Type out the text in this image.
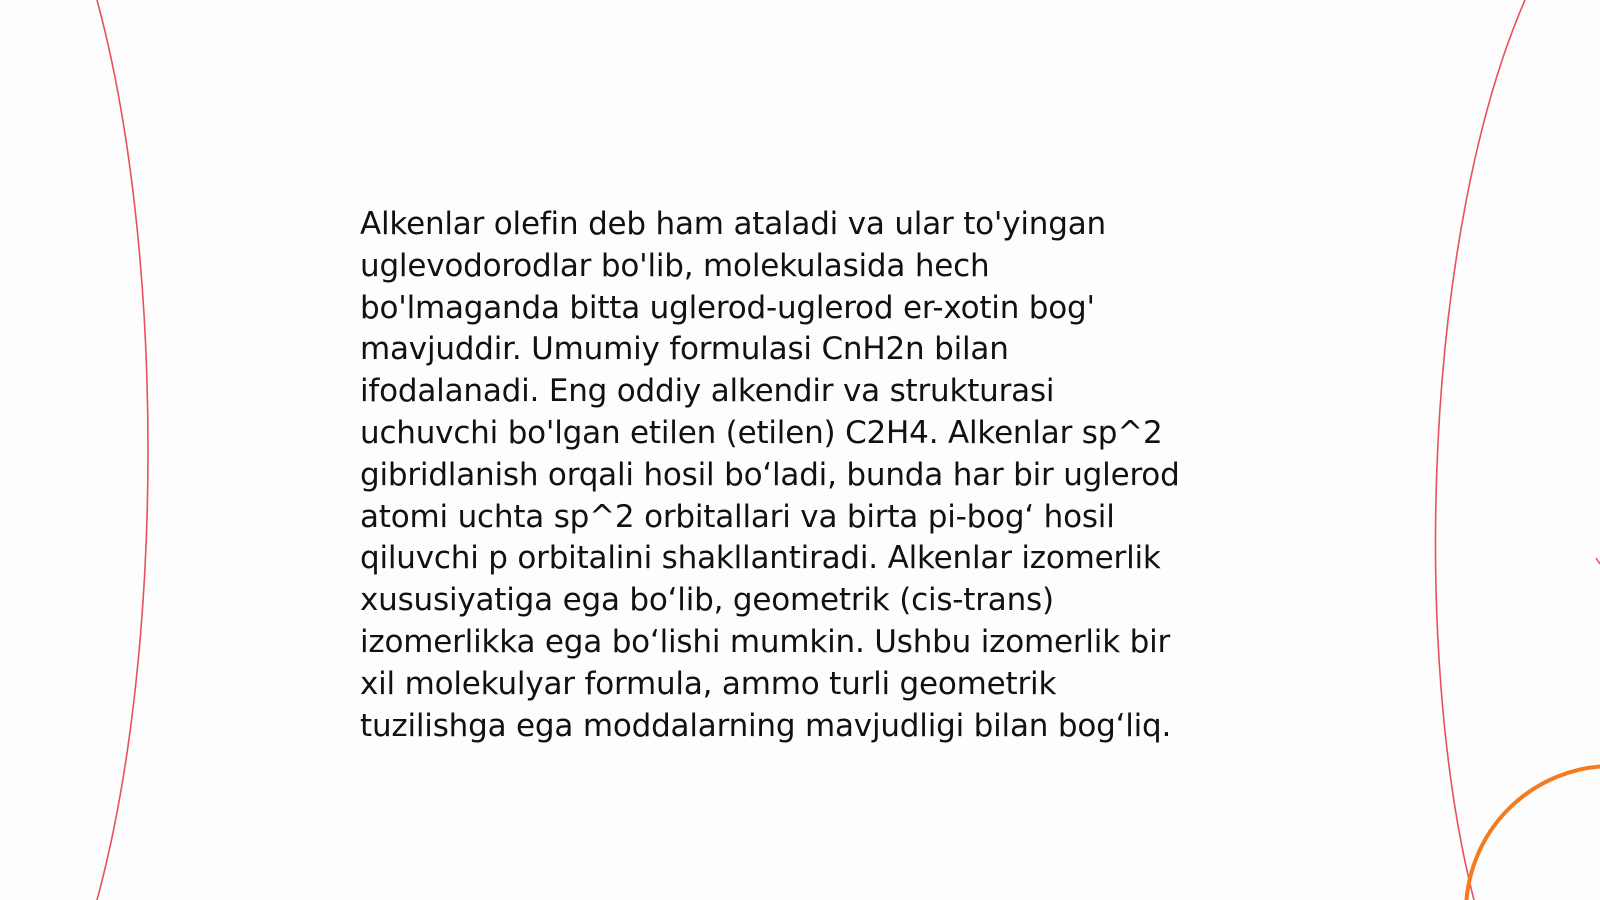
Alkenlar olefin deb ham ataladi va ular to'yingan
uglevodorodlar bo'lib, molekulasida hech
bo'lmaganda bitta uglerod-uglerod er-xotin bog'
mavjuddir. Umumiy formulasi CnH2n bilan
ifodalanadi. Eng oddiy alkendir va strukturasi
uchuvchi bo'lgan etilen (etilen) C2H4. Alkenlar sp^2
gibridlanish orqali hosil bo‘ladi, bunda har bir uglerod
atomi uchta sp^2 orbitallari va birta pi-bog‘ hosil
qiluvchi p orbitalini shakllantiradi. Alkenlar izomerlik
xususiyatiga ega bo‘lib, geometrik (cis-trans)
izomerlikka ega bo‘lishi mumkin. Ushbu izomerlik bir
xil molekulyar formula, ammo turli geometrik
tuzilishga ega moddalarning mavjudligi bilan bog‘liq.
